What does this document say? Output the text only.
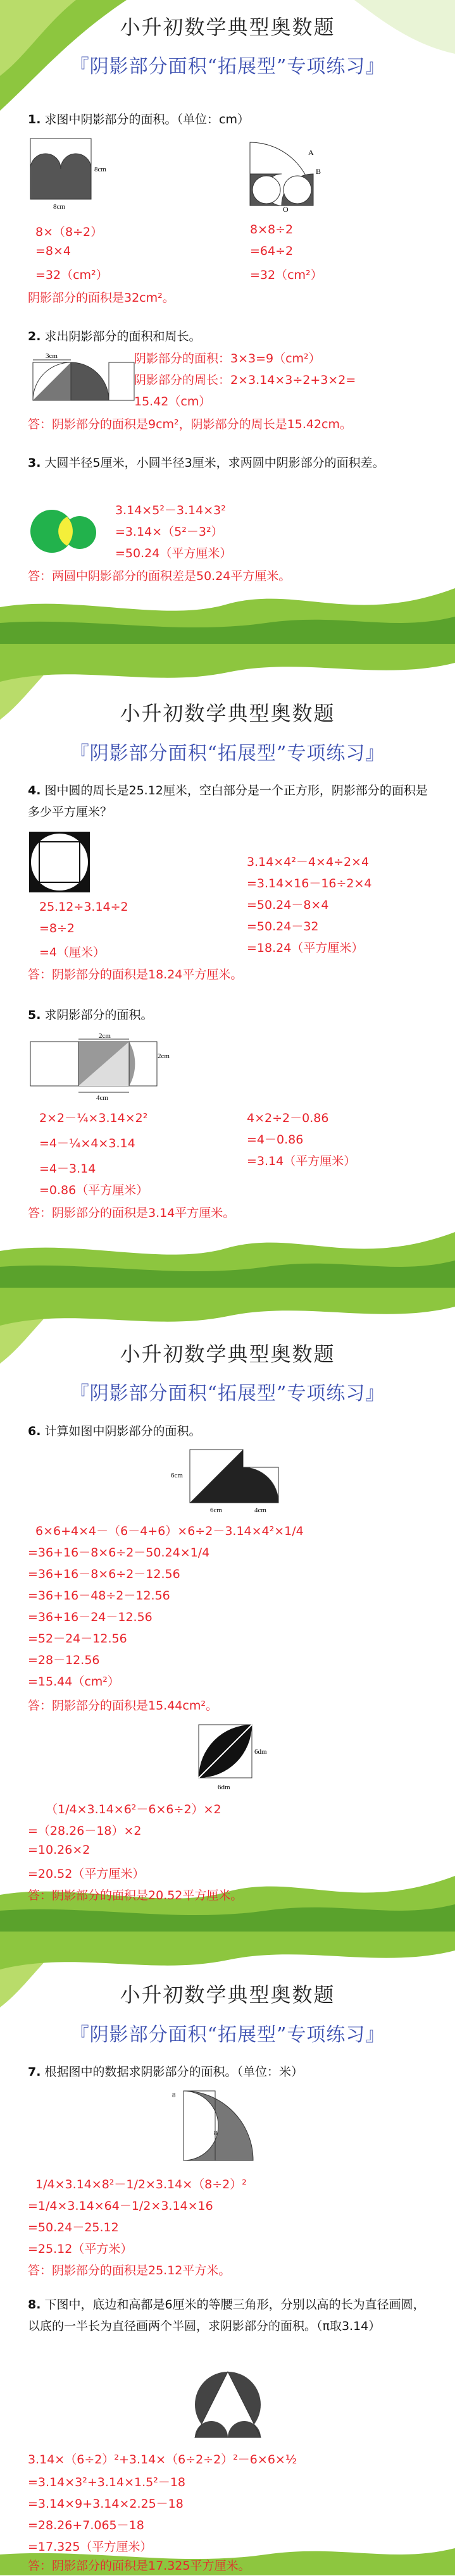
小升初数学典型奥数题
『阴影部分面积“拓展型”专项练习』
1. 求图中阴影部分的面积。（单位：cm）
8cm
8cm
A
B
O
8×（8÷2）
=8×4
=32（cm²）
8×8÷2
=64÷2
=32（cm²）
阴影部分的面积是32cm²。
2. 求出阴影部分的面积和周长。
3cm	阴影部分的面积：3×3=9（cm²）
阴影部分的周长：2×3.14×3÷2+3×2=
15.42（cm）
答：阴影部分的面积是9cm²，阴影部分的周长是15.42cm。
3. 大圆半径5厘米，小圆半径3厘米，求两圆中阴影部分的面积差。
3.14×5²－3.14×3²
=3.14×（5²－3²）
=50.24（平方厘米）
答：两圆中阴影部分的面积差是50.24平方厘米。
小升初数学典型奥数题
『阴影部分面积“拓展型”专项练习』
4. 图中圆的周长是25.12厘米，空白部分是一个正方形，阴影部分的面积是多少平方厘米？
25.12÷3.14÷2
=8÷2
=4（厘米）
3.14×4²－4×4÷2×4
=3.14×16－16÷2×4
=50.24－8×4
=50.24－32
=18.24（平方厘米）
答：阴影部分的面积是18.24平方厘米。
5. 求阴影部分的面积。
2cm
2cm
4cm
2×2－¼×3.14×2²
=4－¼×4×3.14
=4－3.14
=0.86（平方厘米）
4×2÷2－0.86
=4－0.86
=3.14（平方厘米）
答：阴影部分的面积是3.14平方厘米。
小升初数学典型奥数题
『阴影部分面积“拓展型”专项练习』
6. 计算如图中阴影部分的面积。
6cm
6cm	4cm
6×6+4×4－（6－4+6）×6÷2－3.14×4²×1/4
=36+16－8×6÷2－50.24×1/4
=36+16－8×6÷2－12.56
=36+16－48÷2－12.56
=36+16－24－12.56
=52－24－12.56
=28－12.56
=15.44（cm²）
答：阴影部分的面积是15.44cm²。
6dm
6dm
（1/4×3.14×6²－6×6÷2）×2
=（28.26－18）×2
=10.26×2
=20.52（平方厘米）
答：阴影部分的面积是20.52平方厘米。
小升初数学典型奥数题
『阴影部分面积“拓展型”专项练习』
7. 根据图中的数据求阴影部分的面积。（单位：米）
8
8
1/4×3.14×8²－1/2×3.14×（8÷2）²
=1/4×3.14×64－1/2×3.14×16
=50.24－25.12
=25.12（平方米）
答：阴影部分的面积是25.12平方米。
8. 下图中，底边和高都是6厘米的等腰三角形，分别以高的长为直径画圆，以底的一半长为直径画两个半圆，求阴影部分的面积。（π取3.14）
3.14×（6÷2）²+3.14×（6÷2÷2）²－6×6×½
=3.14×3²+3.14×1.5²－18
=3.14×9+3.14×2.25－18
=28.26+7.065－18
=17.325（平方厘米）
答：阴影部分的面积是17.325平方厘米。
